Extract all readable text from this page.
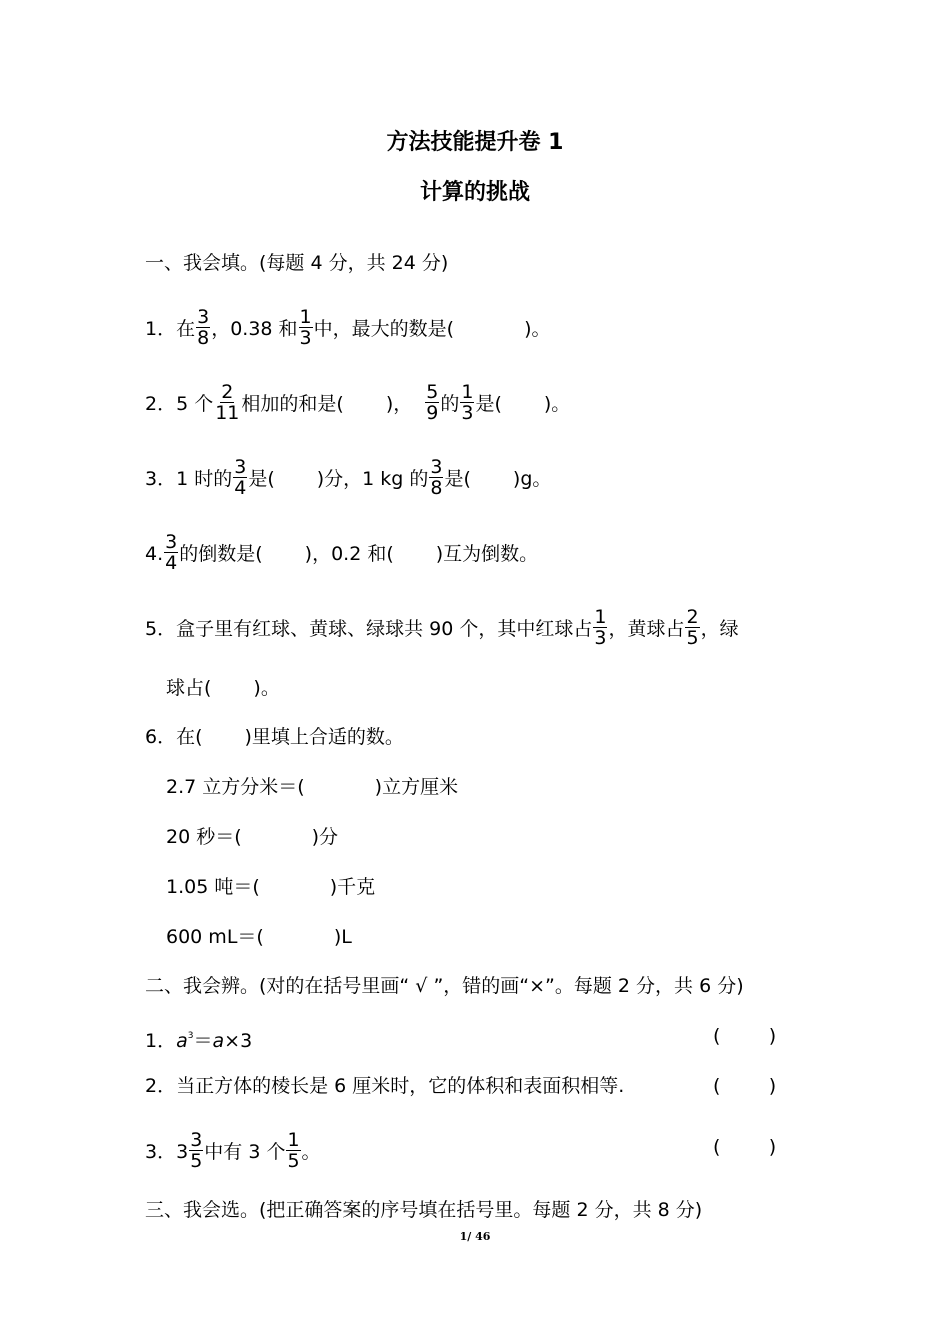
方法技能提升卷 1
计算的挑战
一、我会填。(每题 4 分，共 24 分)
1．在 $\frac{3}{8}$ ，0.38 和 $\frac{1}{3}$ 中，最大的数是(	)。
2．5 个 $\frac{2}{11}$ 相加的和是( )， $\frac{5}{9}$ 的 $\frac{1}{3}$ 是( )。
3．1 时的 $\frac{3}{4}$ 是( )分，1 kg 的 $\frac{3}{8}$ 是( )g。
4. $\frac{3}{4}$ 的倒数是( )，0.2 和( )互为倒数。
5．盒子里有红球、黄球、绿球共 90 个，其中红球占 $\frac{1}{3}$ ，黄球占 $\frac{2}{5}$ ，绿
球占( )。
6．在( )里填上合适的数。
2.7 立方分米＝(	)立方厘米
20 秒＝(	)分
1.05 吨＝(	)千克
600 mL＝(	)L
二、我会辨。(对的在括号里画“ √ ”，错的画“×”。每题 2 分，共 6 分)
1．$a^3=a\times 3$	(        )
2．当正方体的棱长是 6 厘米时，它的体积和表面积相等.	(        )
3．$3 \frac{3}{5}$ 中有 3 个 $\frac{1}{5}$ 。	(        )
三、我会选。(把正确答案的序号填在括号里。每题 2 分，共 8 分)
1/ 46
